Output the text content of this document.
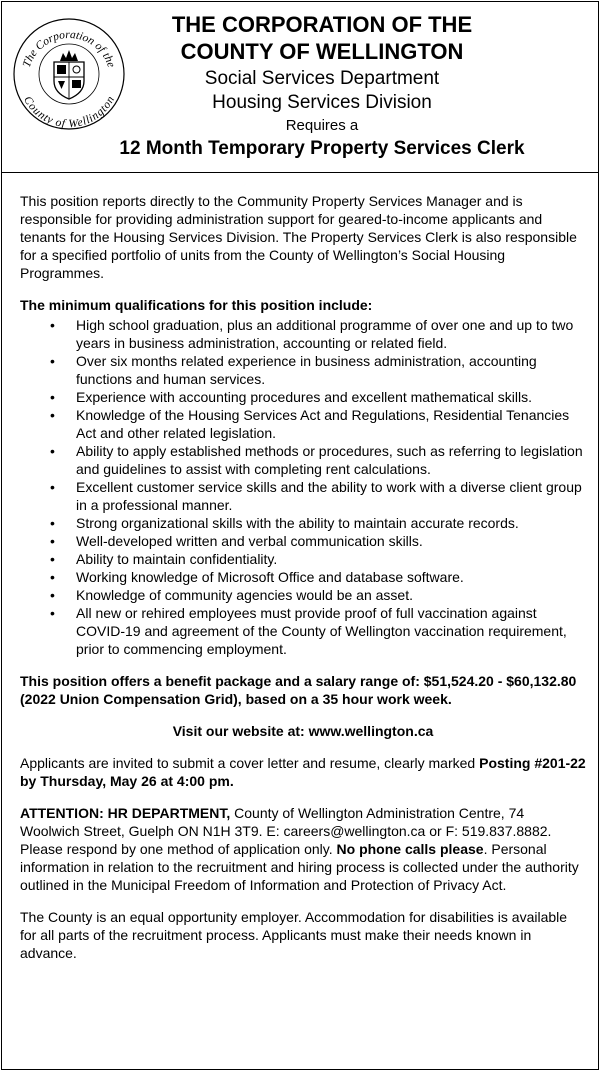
The Corporation of the
County of Wellington
THE CORPORATION OF THE
COUNTY OF WELLINGTON
Social Services Department
Housing Services Division
Requires a
12 Month Temporary Property Services Clerk

This position reports directly to the Community Property Services Manager and is responsible for providing administration support for geared-to-income applicants and tenants for the Housing Services Division. The Property Services Clerk is also responsible for a specified portfolio of units from the County of Wellington’s Social Housing Programmes.

The minimum qualifications for this position include:

• High school graduation, plus an additional programme of over one and up to two years in business administration, accounting or related field.
• Over six months related experience in business administration, accounting functions and human services.
• Experience with accounting procedures and excellent mathematical skills.
• Knowledge of the Housing Services Act and Regulations, Residential Tenancies Act and other related legislation.
• Ability to apply established methods or procedures, such as referring to legislation and guidelines to assist with completing rent calculations.
• Excellent customer service skills and the ability to work with a diverse client group in a professional manner.
• Strong organizational skills with the ability to maintain accurate records.
• Well-developed written and verbal communication skills.
• Ability to maintain confidentiality.
• Working knowledge of Microsoft Office and database software.
• Knowledge of community agencies would be an asset.
• All new or rehired employees must provide proof of full vaccination against COVID-19 and agreement of the County of Wellington vaccination requirement, prior to commencing employment.

This position offers a benefit package and a salary range of: $51,524.20 - $60,132.80 (2022 Union Compensation Grid), based on a 35 hour work week.

Visit our website at: www.wellington.ca

Applicants are invited to submit a cover letter and resume, clearly marked Posting #201-22 by Thursday, May 26 at 4:00 pm.

ATTENTION: HR DEPARTMENT, County of Wellington Administration Centre, 74 Woolwich Street, Guelph ON N1H 3T9. E: careers@wellington.ca or F: 519.837.8882. Please respond by one method of application only. No phone calls please. Personal information in relation to the recruitment and hiring process is collected under the authority outlined in the Municipal Freedom of Information and Protection of Privacy Act.

The County is an equal opportunity employer. Accommodation for disabilities is available for all parts of the recruitment process. Applicants must make their needs known in advance.
